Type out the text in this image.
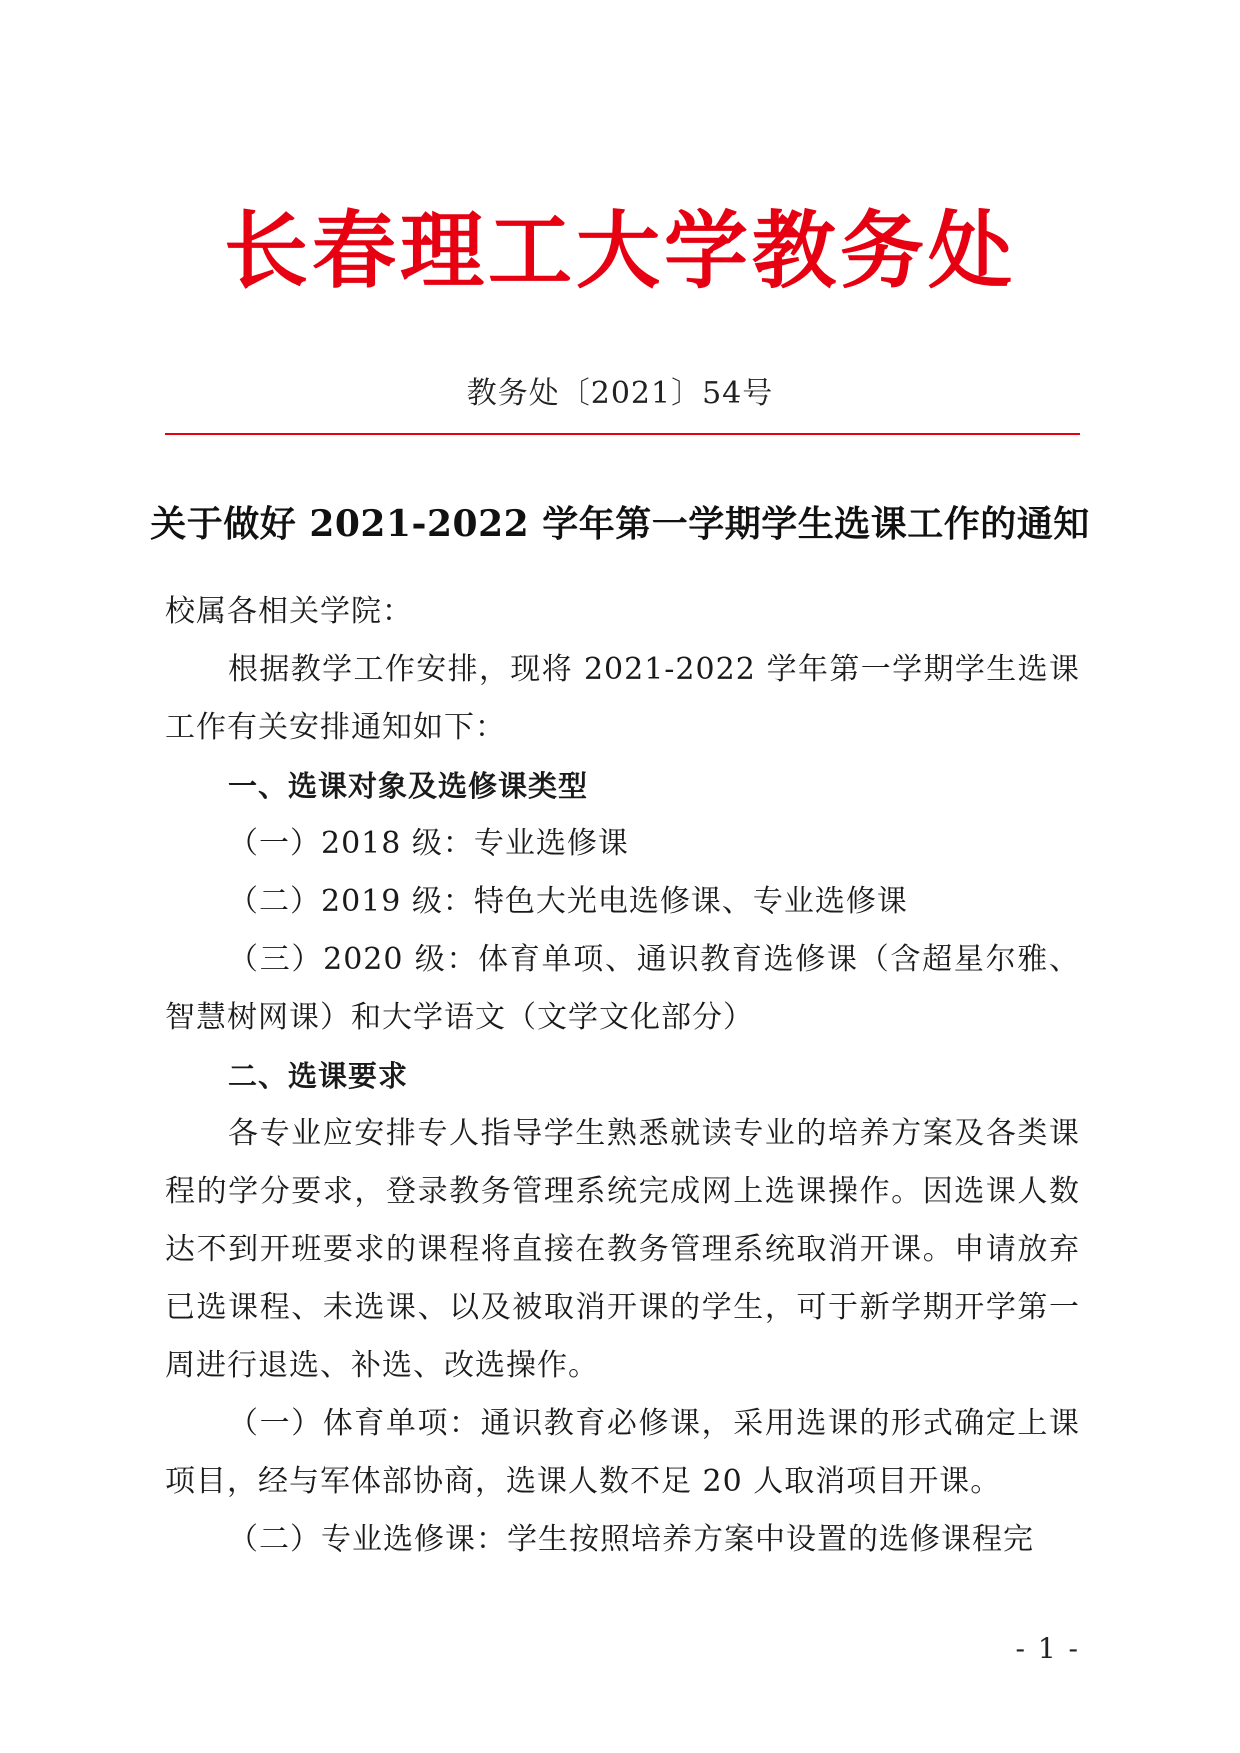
长春理工大学教务处
教务处〔2021〕54号
关于做好 2021-2022 学年第一学期学生选课工作的通知

校属各相关学院：

根据教学工作安排，现将 2021-2022 学年第一学期学生选课工作有关安排通知如下：

一、选课对象及选修课类型

（一）2018 级：专业选修课

（二）2019 级：特色大光电选修课、专业选修课

（三）2020 级：体育单项、通识教育选修课（含超星尔雅、智慧树网课）和大学语文（文学文化部分）

二、选课要求

各专业应安排专人指导学生熟悉就读专业的培养方案及各类课程的学分要求，登录教务管理系统完成网上选课操作。因选课人数达不到开班要求的课程将直接在教务管理系统取消开课。申请放弃已选课程、未选课、以及被取消开课的学生，可于新学期开学第一周进行退选、补选、改选操作。

（一）体育单项：通识教育必修课，采用选课的形式确定上课项目，经与军体部协商，选课人数不足 20 人取消项目开课。

（二）专业选修课：学生按照培养方案中设置的选修课程完

- 1 -
